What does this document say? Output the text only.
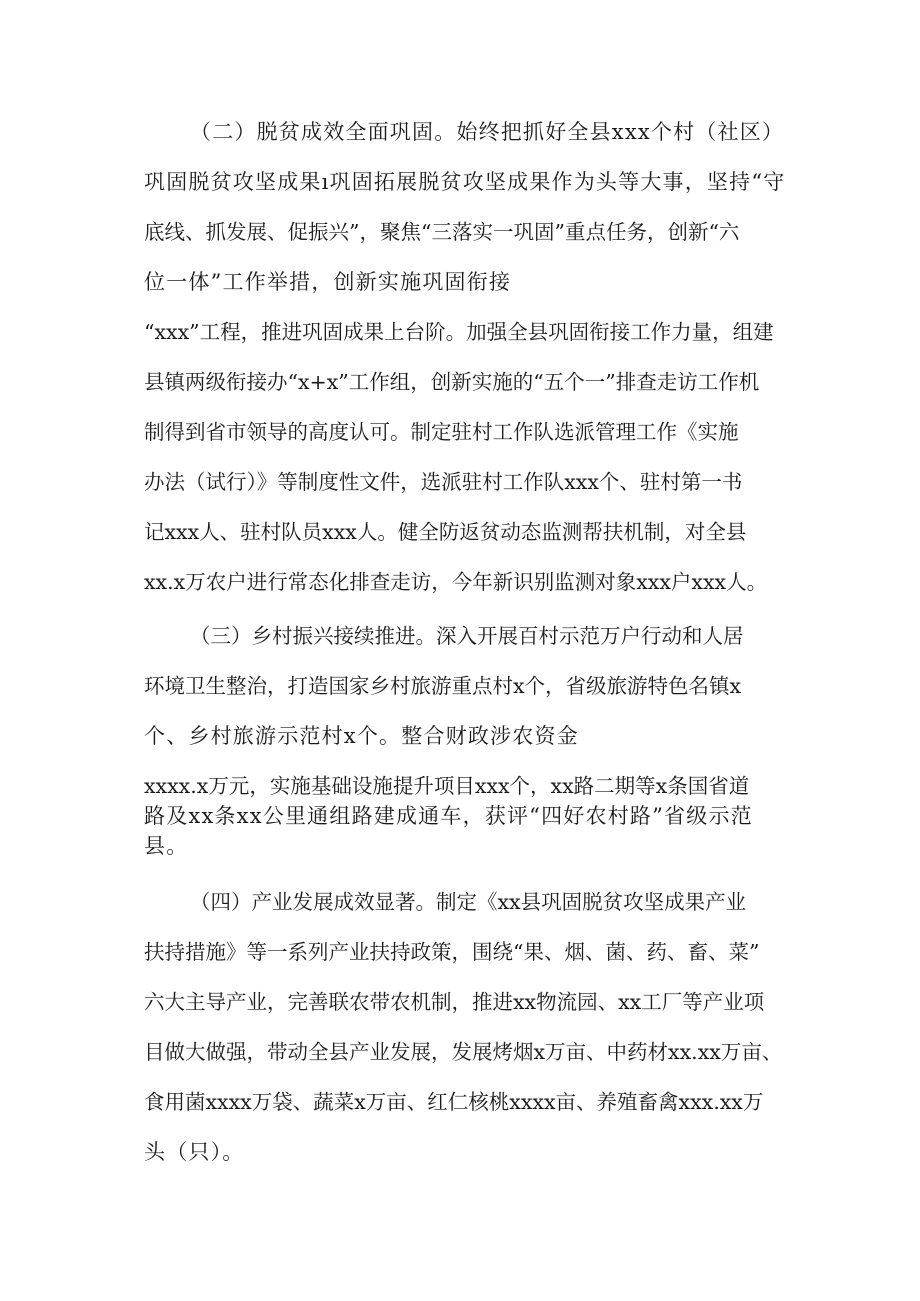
（二）脱贫成效全面巩固。始终把抓好全县xxx个村（社区）
巩固脱贫攻坚成果ı巩固拓展脱贫攻坚成果作为头等大事，坚持“守
底线、抓发展、促振兴”，聚焦“三落实一巩固”重点任务，创新“六
位一体”工作举措，创新实施巩固衔接
“xxx”工程，推进巩固成果上台阶。加强全县巩固衔接工作力量，组建
县镇两级衔接办“x+x”工作组，创新实施的“五个一”排查走访工作机
制得到省市领导的高度认可。制定驻村工作队选派管理工作《实施
办法（试行）》等制度性文件，选派驻村工作队xxx个、驻村第一书
记xxx人、驻村队员xxx人。健全防返贫动态监测帮扶机制，对全县
xx.x万农户进行常态化排查走访，今年新识别监测对象xxx户xxx人。
（三）乡村振兴接续推进。深入开展百村示范万户行动和人居
环境卫生整治，打造国家乡村旅游重点村x个，省级旅游特色名镇x
个、乡村旅游示范村x个。整合财政涉农资金
xxxx.x万元，实施基础设施提升项目xxx个，xx路二期等x条国省道
路及xx条xx公里通组路建成通车，获评“四好农村路”省级示范
县。
（四）产业发展成效显著。制定《xx县巩固脱贫攻坚成果产业
扶持措施》等一系列产业扶持政策，围绕“果、烟、菌、药、畜、菜”
六大主导产业，完善联农带农机制，推进xx物流园、xx工厂等产业项
目做大做强，带动全县产业发展，发展烤烟x万亩、中药材xx.xx万亩、
食用菌xxxx万袋、蔬菜x万亩、红仁核桃xxxx亩、养殖畜禽xxx.xx万
头（只）。
